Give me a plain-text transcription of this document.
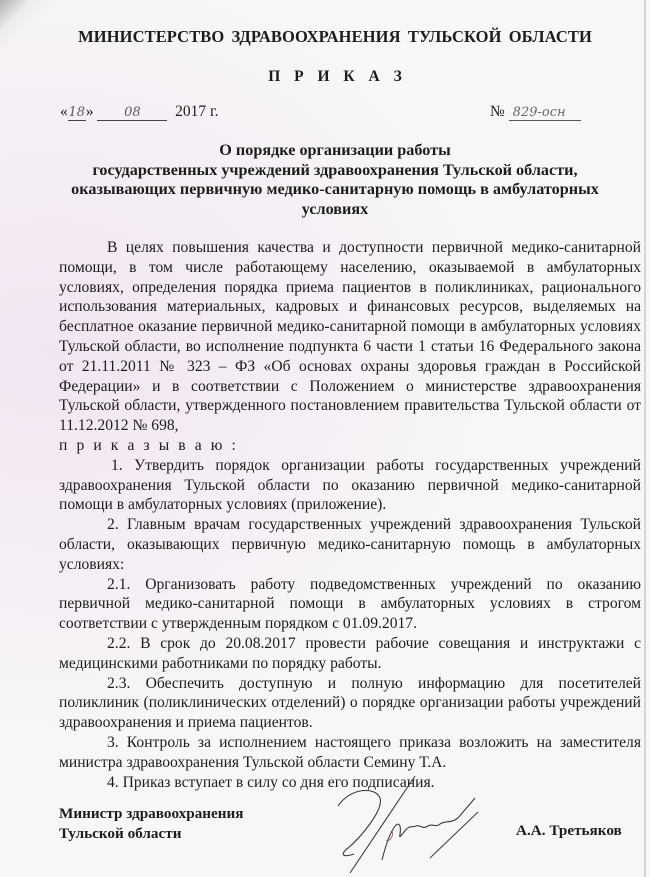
МИНИСТЕРСТВО ЗДРАВООХРАНЕНИЯ ТУЛЬСКОЙ ОБЛАСТИ
П Р И К А З
«18» 08 2017 г.	№ 829-осн
О порядке организации работы
государственных учреждений здравоохранения Тульской области,
оказывающих первичную медико-санитарную помощь в амбулаторных
условиях

В целях повышения качества и доступности первичной медико-санитарной помощи, в том числе работающему населению, оказываемой в амбулаторных условиях, определения порядка приема пациентов в поликлиниках, рационального использования материальных, кадровых и финансовых ресурсов, выделяемых на бесплатное оказание первичной медико-санитарной помощи в амбулаторных условиях Тульской области, во исполнение подпункта 6 части 1 статьи 16 Федерального закона от 21.11.2011 № 323 – ФЗ «Об основах охраны здоровья граждан в Российской Федерации» и в соответствии с Положением о министерстве здравоохранения Тульской области, утвержденного постановлением правительства Тульской области от 11.12.2012 № 698,

п р и к а з ы в а ю :

1. Утвердить порядок организации работы государственных учреждений здравоохранения Тульской области по оказанию первичной медико-санитарной помощи в амбулаторных условиях (приложение).

2. Главным врачам государственных учреждений здравоохранения Тульской области, оказывающих первичную медико-санитарную помощь в амбулаторных условиях:

2.1. Организовать работу подведомственных учреждений по оказанию первичной медико-санитарной помощи в амбулаторных условиях в строгом соответствии с утвержденным порядком с 01.09.2017.

2.2. В срок до 20.08.2017 провести рабочие совещания и инструктажи с медицинскими работниками по порядку работы.

2.3. Обеспечить доступную и полную информацию для посетителей поликлиник (поликлинических отделений) о порядке организации работы учреждений здравоохранения и приема пациентов.

3. Контроль за исполнением настоящего приказа возложить на заместителя министра здравоохранения Тульской области Семину Т.А.

4. Приказ вступает в силу со дня его подписания.

Министр здравоохранения
Тульской области	А.А. Третьяков
